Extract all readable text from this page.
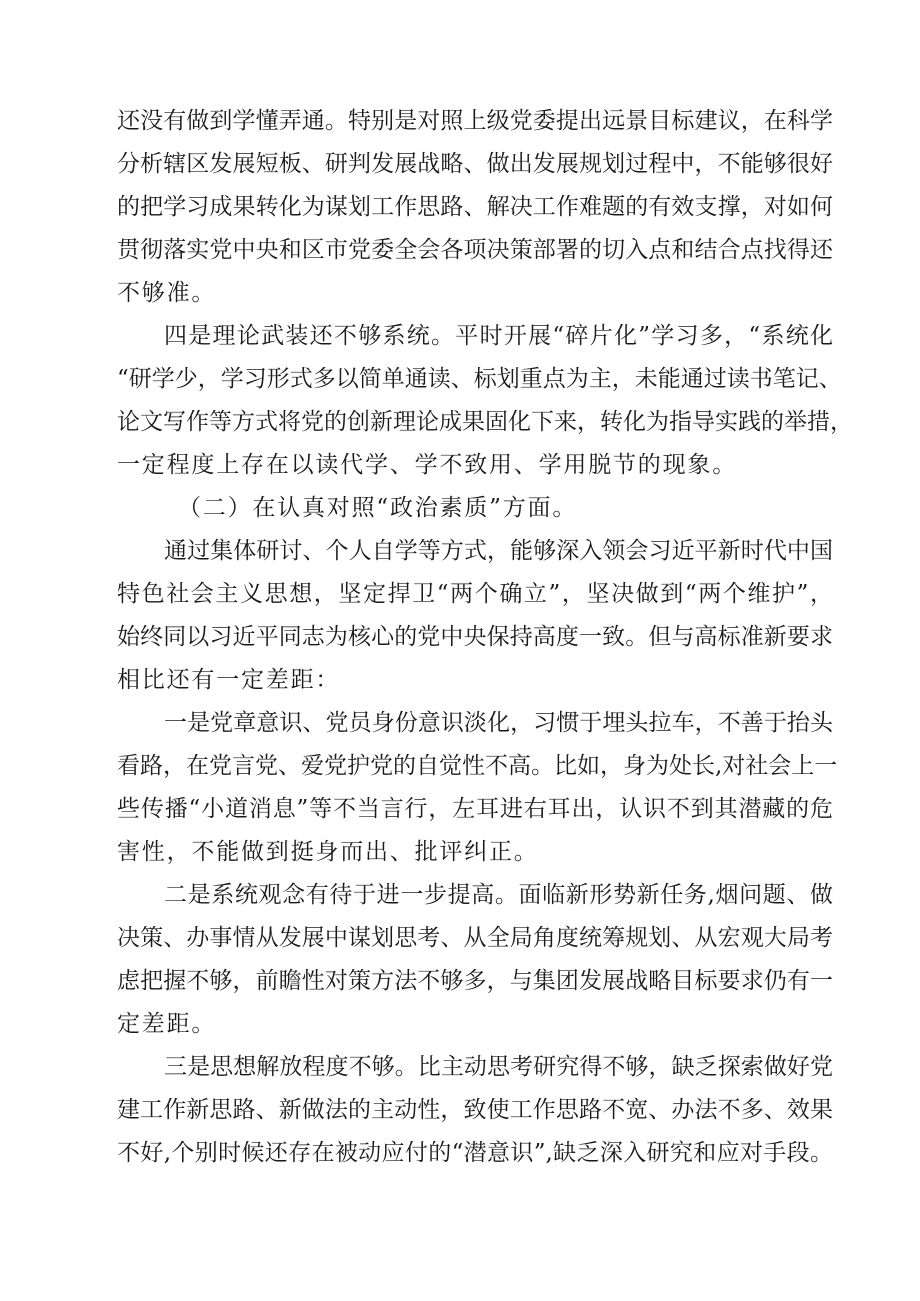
还没有做到学懂弄通。特别是对照上级党委提出远景目标建议，在科学
分析辖区发展短板、研判发展战略、做出发展规划过程中，不能够很好
的把学习成果转化为谋划工作思路、解决工作难题的有效支撑，对如何
贯彻落实党中央和区市党委全会各项决策部署的切入点和结合点找得还
不够准。
四是理论武装还不够系统。平时开展“碎片化”学习多，“系统化
“研学少，学习形式多以简单通读、标划重点为主，未能通过读书笔记、
论文写作等方式将党的创新理论成果固化下来，转化为指导实践的举措，
一定程度上存在以读代学、学不致用、学用脱节的现象。
（二）在认真对照“政治素质”方面。
通过集体研讨、个人自学等方式，能够深入领会习近平新时代中国
特色社会主义思想，坚定捍卫“两个确立”，坚决做到“两个维护”，
始终同以习近平同志为核心的党中央保持高度一致。但与高标准新要求
相比还有一定差距：
一是党章意识、党员身份意识淡化，习惯于埋头拉车，不善于抬头
看路，在党言党、爱党护党的自觉性不高。比如，身为处长,对社会上一
些传播“小道消息”等不当言行，左耳进右耳出，认识不到其潜藏的危
害性，不能做到挺身而出、批评纠正。
二是系统观念有待于进一步提高。面临新形势新任务,烟问题、做
决策、办事情从发展中谋划思考、从全局角度统筹规划、从宏观大局考
虑把握不够，前瞻性对策方法不够多，与集团发展战略目标要求仍有一
定差距。
三是思想解放程度不够。比主动思考研究得不够，缺乏探索做好党
建工作新思路、新做法的主动性，致使工作思路不宽、办法不多、效果
不好,个别时候还存在被动应付的“潜意识”,缺乏深入研究和应对手段。
